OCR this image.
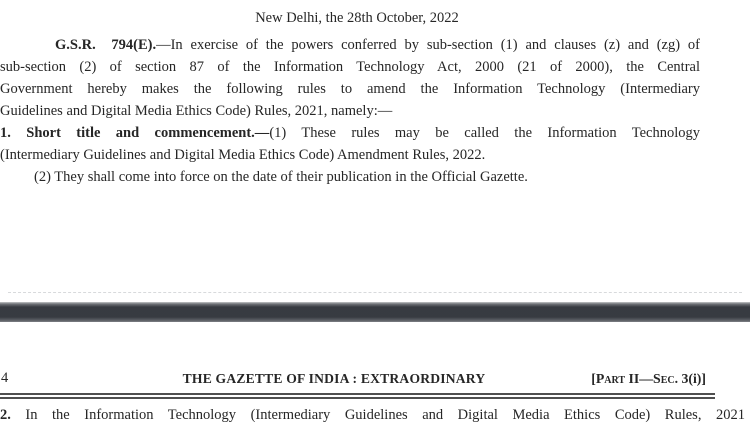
New Delhi, the 28th October, 2022
G.S.R.  794(E).—In exercise of the powers conferred by sub-section (1) and clauses (z) and (zg) of
sub-section (2) of section 87 of the Information Technology Act, 2000 (21 of 2000), the Central
Government hereby makes the following rules to amend the Information Technology (Intermediary
Guidelines and Digital Media Ethics Code) Rules, 2021, namely:—
1. Short title and commencement.—(1) These rules may be called the Information Technology
(Intermediary Guidelines and Digital Media Ethics Code) Amendment Rules, 2022.
(2) They shall come into force on the date of their publication in the Official Gazette.
4	THE GAZETTE OF INDIA : EXTRAORDINARY	[Part II—Sec. 3(i)]
2. In the Information Technology (Intermediary Guidelines and Digital Media Ethics Code) Rules, 2021
